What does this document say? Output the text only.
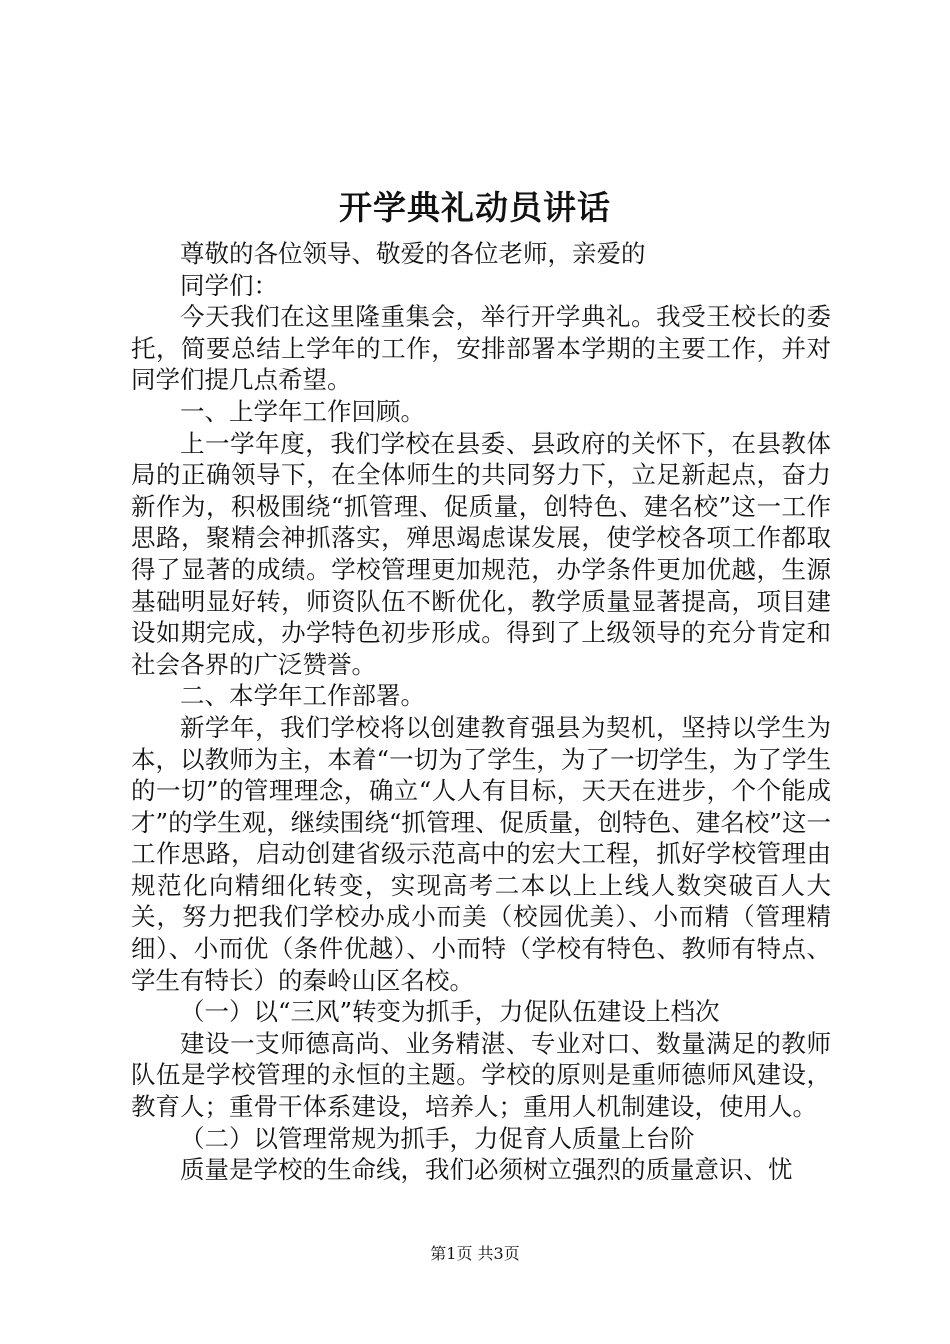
开学典礼动员讲话

尊敬的各位领导、敬爱的各位老师，亲爱的

同学们：

今天我们在这里隆重集会，举行开学典礼。我受王校长的委托，简要总结上学年的工作，安排部署本学期的主要工作，并对同学们提几点希望。

一、上学年工作回顾。

上一学年度，我们学校在县委、县政府的关怀下，在县教体局的正确领导下，在全体师生的共同努力下，立足新起点，奋力新作为，积极围绕“抓管理、促质量，创特色、建名校”这一工作思路，聚精会神抓落实，殚思竭虑谋发展，使学校各项工作都取得了显著的成绩。学校管理更加规范，办学条件更加优越，生源基础明显好转，师资队伍不断优化，教学质量显著提高，项目建设如期完成，办学特色初步形成。得到了上级领导的充分肯定和社会各界的广泛赞誉。

二、本学年工作部署。

新学年，我们学校将以创建教育强县为契机，坚持以学生为本，以教师为主，本着“一切为了学生，为了一切学生，为了学生的一切”的管理理念，确立“人人有目标，天天在进步，个个能成才”的学生观，继续围绕“抓管理、促质量，创特色、建名校”这一工作思路，启动创建省级示范高中的宏大工程，抓好学校管理由规范化向精细化转变，实现高考二本以上上线人数突破百人大关，努力把我们学校办成小而美（校园优美）、小而精（管理精细）、小而优（条件优越）、小而特（学校有特色、教师有特点、学生有特长）的秦岭山区名校。

（一）以“三风”转变为抓手，力促队伍建设上档次

建设一支师德高尚、业务精湛、专业对口、数量满足的教师队伍是学校管理的永恒的主题。学校的原则是重师德师风建设，教育人；重骨干体系建设，培养人；重用人机制建设，使用人。

（二）以管理常规为抓手，力促育人质量上台阶

质量是学校的生命线，我们必须树立强烈的质量意识、忧

第1页 共3页
